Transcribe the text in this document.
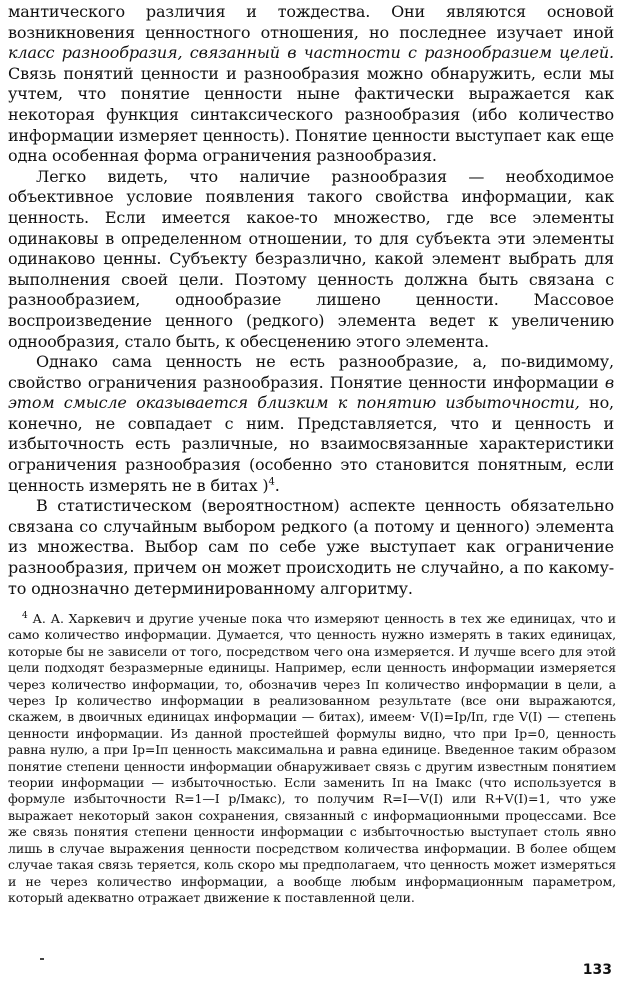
мантического различия и тождества. Они являются основой возникновения ценностного отношения, но последнее изучает иной класс разнообразия, связанный в частности с разнообразием целей. Связь понятий ценности и разнообразия можно обнаружить, если мы учтем, что понятие ценности ныне фактически выражается как некоторая функция синтаксического разнообразия (ибо количество информации измеряет ценность). Понятие ценности выступает как еще одна особенная форма ограничения разнообразия.

Легко видеть, что наличие разнообразия — необходимое объективное условие появления такого свойства информации, как ценность. Если имеется какое-то множество, где все элементы одинаковы в определенном отношении, то для субъекта эти элементы одинаково ценны. Субъекту безразлично, какой элемент выбрать для выполнения своей цели. Поэтому ценность должна быть связана с разнообразием, однообразие лишено ценности. Массовое воспроизведение ценного (редкого) элемента ведет к увеличению однообразия, стало быть, к обесценению этого элемента.

Однако сама ценность не есть разнообразие, а, по-видимому, свойство ограничения разнообразия. Понятие ценности информации в этом смысле оказывается близким к понятию избыточности, но, конечно, не совпадает с ним. Представляется, что и ценность и избыточность есть различные, но взаимосвязанные характеристики ограничения разнообразия (особенно это становится понятным, если ценность измерять не в битах )$^4$.

В статистическом (вероятностном) аспекте ценность обязательно связана со случайным выбором редкого (а потому и ценного) элемента из множества. Выбор сам по себе уже выступает как ограничение разнообразия, причем он может происходить не случайно, а по какому-то однозначно детерминированному алгоритму.

$^4$ А. А. Харкевич и другие ученые пока что измеряют ценность в тех же единицах, что и само количество информации. Думается, что ценность нужно измерять в таких единицах, которые бы не зависели от того, посредством чего она измеряется. И лучше всего для этой цели подходят безразмерные единицы. Например, если ценность информации измеряется через количество информации, то, обозначив через Iп количество информации в цели, а через Iр количество информации в реализованном результате (все они выражаются, скажем, в двоичных единицах информации — битах), имеем· V(I)=Iр/Iп, где V(I) — степень ценности информации. Из данной простейшей формулы видно, что при Iр=0, ценность равна нулю, а при Iр=Iп ценность максимальна и равна единице. Введенное таким образом понятие степени ценности информации обнаруживает связь с другим известным понятием теории информации — избыточностью. Если заменить Iп на Iмакс (что используется в формуле избыточности R=1—I р/Iмакс), то получим R=I—V(I) или R+V(I)=1, что уже выражает некоторый закон сохранения, связанный с информационными процессами. Все же связь понятия степени ценности информации с избыточностью выступает столь явно лишь в случае выражения ценности посредством количества информации. В более общем случае такая связь теряется, коль скоро мы предполагаем, что ценность может измеряться и не через количество информации, а вообще любым информационным параметром, который адекватно отражает движение к поставленной цели.

133
